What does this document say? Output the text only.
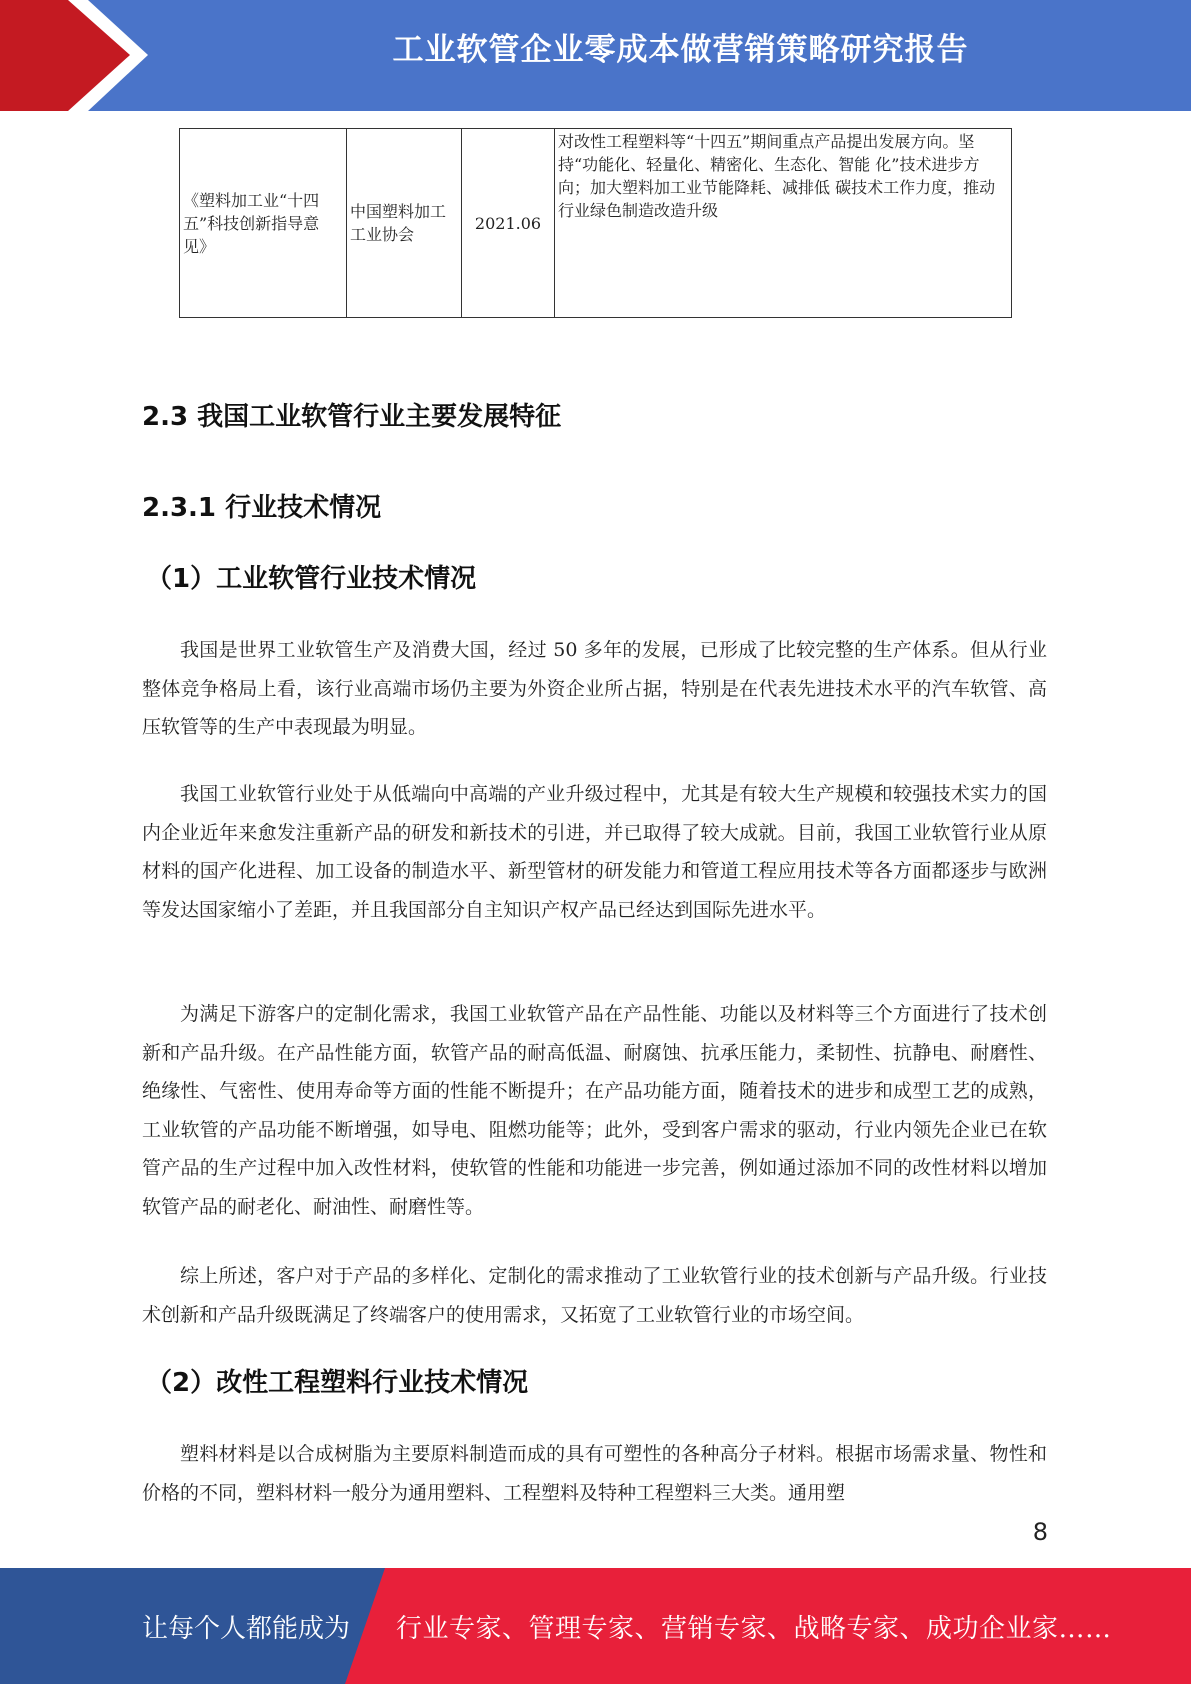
工业软管企业零成本做营销策略研究报告
《塑料加工业“十四五”科技创新指导意见》	中国塑料加工工业协会	2021.06	对改性工程塑料等“十四五”期间重点产品提出发展方向。坚持“功能化、轻量化、精密化、生态化、智能 化”技术进步方向；加大塑料加工业节能降耗、减排低 碳技术工作力度，推动行业绿色制造改造升级
2.3 我国工业软管行业主要发展特征
2.3.1 行业技术情况
（1）工业软管行业技术情况

我国是世界工业软管生产及消费大国，经过 50 多年的发展，已形成了比较完整的生产体系。但从行业整体竞争格局上看，该行业高端市场仍主要为外资企业所占据，特别是在代表先进技术水平的汽车软管、高压软管等的生产中表现最为明显。

我国工业软管行业处于从低端向中高端的产业升级过程中，尤其是有较大生产规模和较强技术实力的国内企业近年来愈发注重新产品的研发和新技术的引进，并已取得了较大成就。目前，我国工业软管行业从原材料的国产化进程、加工设备的制造水平、新型管材的研发能力和管道工程应用技术等各方面都逐步与欧洲等发达国家缩小了差距，并且我国部分自主知识产权产品已经达到国际先进水平。

为满足下游客户的定制化需求，我国工业软管产品在产品性能、功能以及材料等三个方面进行了技术创新和产品升级。在产品性能方面，软管产品的耐高低温、耐腐蚀、抗承压能力，柔韧性、抗静电、耐磨性、绝缘性、气密性、使用寿命等方面的性能不断提升；在产品功能方面，随着技术的进步和成型工艺的成熟，工业软管的产品功能不断增强，如导电、阻燃功能等；此外，受到客户需求的驱动，行业内领先企业已在软管产品的生产过程中加入改性材料，使软管的性能和功能进一步完善，例如通过添加不同的改性材料以增加软管产品的耐老化、耐油性、耐磨性等。

综上所述，客户对于产品的多样化、定制化的需求推动了工业软管行业的技术创新与产品升级。行业技术创新和产品升级既满足了终端客户的使用需求，又拓宽了工业软管行业的市场空间。

（2）改性工程塑料行业技术情况

塑料材料是以合成树脂为主要原料制造而成的具有可塑性的各种高分子材料。根据市场需求量、物性和价格的不同，塑料材料一般分为通用塑料、工程塑料及特种工程塑料三大类。通用塑

8
让每个人都能成为 行业专家、管理专家、营销专家、战略专家、成功企业家……
